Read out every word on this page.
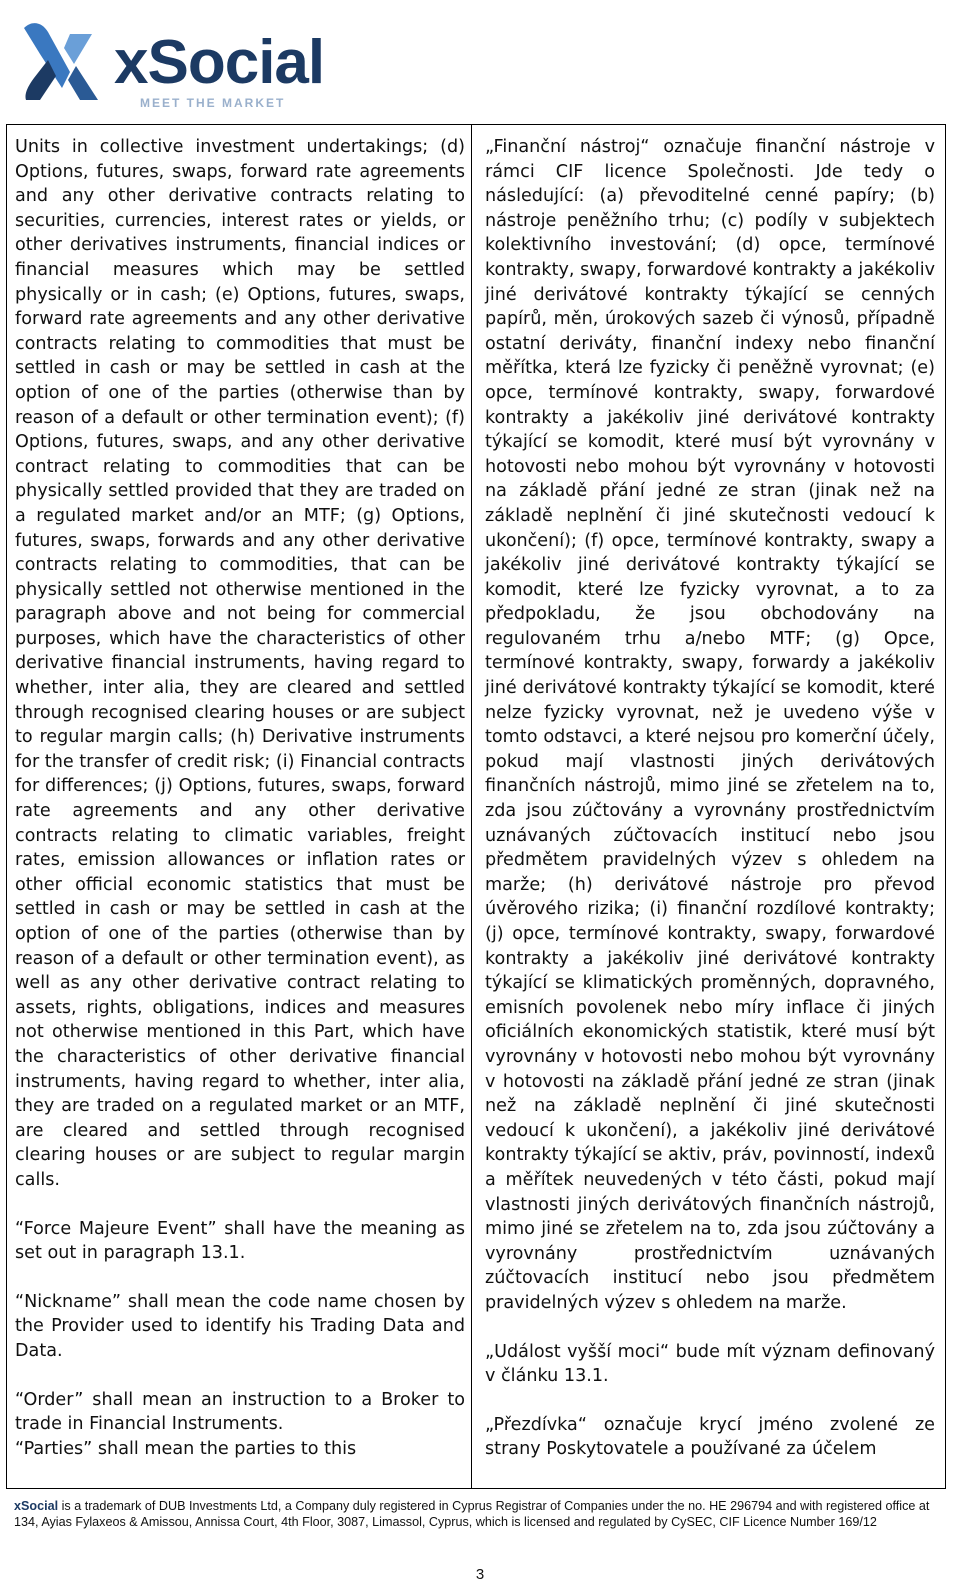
xSocial
MEET THE MARKET

Units in collective investment undertakings; (d) Options, futures, swaps, forward rate agreements and any other derivative contracts relating to securities, currencies, interest rates or yields, or other derivatives instruments, financial indices or financial measures which may be settled physically or in cash; (e) Options, futures, swaps, forward rate agreements and any other derivative contracts relating to commodities that must be settled in cash or may be settled in cash at the option of one of the parties (otherwise than by reason of a default or other termination event); (f) Options, futures, swaps, and any other derivative contract relating to commodities that can be physically settled provided that they are traded on a regulated market and/or an MTF; (g) Options, futures, swaps, forwards and any other derivative contracts relating to commodities, that can be physically settled not otherwise mentioned in the paragraph above and not being for commercial purposes, which have the characteristics of other derivative financial instruments, having regard to whether, inter alia, they are cleared and settled through recognised clearing houses or are subject to regular margin calls; (h) Derivative instruments for the transfer of credit risk; (i) Financial contracts for differences; (j) Options, futures, swaps, forward rate agreements and any other derivative contracts relating to climatic variables, freight rates, emission allowances or inflation rates or other official economic statistics that must be settled in cash or may be settled in cash at the option of one of the parties (otherwise than by reason of a default or other termination event), as well as any other derivative contract relating to assets, rights, obligations, indices and measures not otherwise mentioned in this Part, which have the characteristics of other derivative financial instruments, having regard to whether, inter alia, they are traded on a regulated market or an MTF, are cleared and settled through recognised clearing houses or are subject to regular margin calls.

“Force Majeure Event” shall have the meaning as set out in paragraph 13.1.

“Nickname” shall mean the code name chosen by the Provider used to identify his Trading Data and Data.

“Order” shall mean an instruction to a Broker to trade in Financial Instruments.

“Parties” shall mean the parties to this

„Finanční nástroj“ označuje finanční nástroje v rámci CIF licence Společnosti. Jde tedy o následující: (a) převoditelné cenné papíry; (b) nástroje peněžního trhu; (c) podíly v subjektech kolektivního investování; (d) opce, termínové kontrakty, swapy, forwardové kontrakty a jakékoliv jiné derivátové kontrakty týkající se cenných papírů, měn, úrokových sazeb či výnosů, případně ostatní deriváty, finanční indexy nebo finanční měřítka, která lze fyzicky či peněžně vyrovnat; (e) opce, termínové kontrakty, swapy, forwardové kontrakty a jakékoliv jiné derivátové kontrakty týkající se komodit, které musí být vyrovnány v hotovosti nebo mohou být vyrovnány v hotovosti na základě přání jedné ze stran (jinak než na základě neplnění či jiné skutečnosti vedoucí k ukončení); (f) opce, termínové kontrakty, swapy a jakékoliv jiné derivátové kontrakty týkající se komodit, které lze fyzicky vyrovnat, a to za předpokladu, že jsou obchodovány na regulovaném trhu a/nebo MTF; (g) Opce, termínové kontrakty, swapy, forwardy a jakékoliv jiné derivátové kontrakty týkající se komodit, které nelze fyzicky vyrovnat, než je uvedeno výše v tomto odstavci, a které nejsou pro komerční účely, pokud mají vlastnosti jiných derivátových finančních nástrojů, mimo jiné se zřetelem na to, zda jsou zúčtovány a vyrovnány prostřednictvím uznávaných zúčtovacích institucí nebo jsou předmětem pravidelných výzev s ohledem na marže; (h) derivátové nástroje pro převod úvěrového rizika; (i) finanční rozdílové kontrakty; (j) opce, termínové kontrakty, swapy, forwardové kontrakty a jakékoliv jiné derivátové kontrakty týkající se klimatických proměnných, dopravného, emisních povolenek nebo míry inflace či jiných oficiálních ekonomických statistik, které musí být vyrovnány v hotovosti nebo mohou být vyrovnány v hotovosti na základě přání jedné ze stran (jinak než na základě neplnění či jiné skutečnosti vedoucí k ukončení), a jakékoliv jiné derivátové kontrakty týkající se aktiv, práv, povinností, indexů a měřítek neuvedených v této části, pokud mají vlastnosti jiných derivátových finančních nástrojů, mimo jiné se zřetelem na to, zda jsou zúčtovány a vyrovnány prostřednictvím uznávaných zúčtovacích institucí nebo jsou předmětem pravidelných výzev s ohledem na marže.

„Událost vyšší moci“ bude mít význam definovaný v článku 13.1.

„Přezdívka“ označuje krycí jméno zvolené ze strany Poskytovatele a používané za účelem

xSocial is a trademark of DUB Investments Ltd, a Company duly registered in Cyprus Registrar of Companies under the no. HE 296794 and with registered office at 134, Ayias Fylaxeos & Amissou, Annissa Court, 4th Floor, 3087, Limassol, Cyprus, which is licensed and regulated by CySEC, CIF Licence Number 169/12
3
